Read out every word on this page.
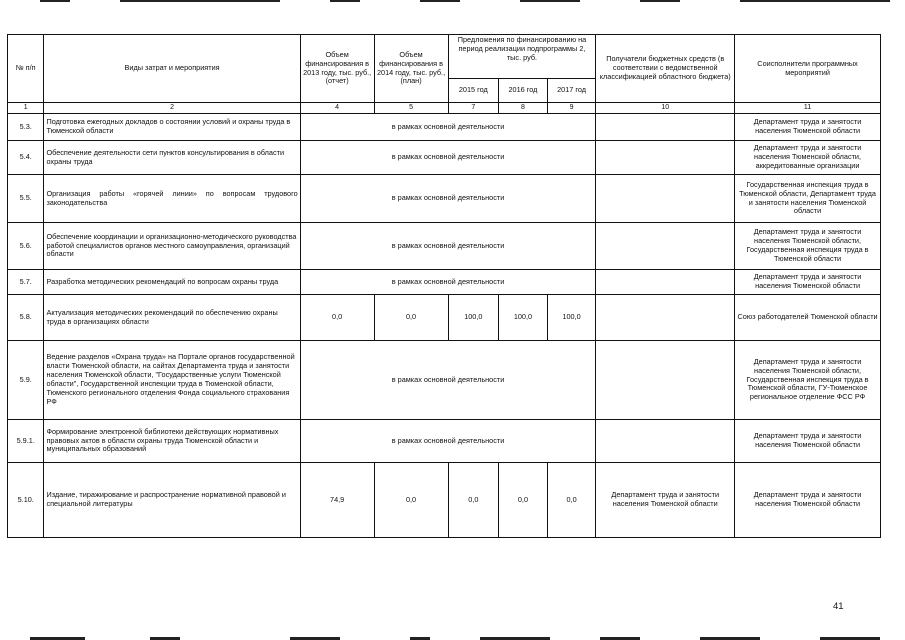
№ п/п	Виды затрат и мероприятия	Объем финансирования в 2013 году, тыс. руб., (отчет)	Объем финансирования в 2014 году, тыс. руб., (план)	Предложения по финансированию на период реализации подпрограммы 2, тыс. руб.			Получатели бюджетных средств (в соответствии с ведомственной классификацией областного бюджета)	Соисполнители программных мероприятий
				2015 год	2016 год	2017 год		
1	2	4	5	7	8	9	10	11
5.3.	Подготовка ежегодных докладов о состоянии условий и охраны труда в Тюменской области	в рамках основной деятельности						Департамент труда и занятости населения Тюменской области
5.4.	Обеспечение деятельности сети пунктов консультирования в области охраны труда	в рамках основной деятельности						Департамент труда и занятости населения Тюменской области, аккредитованные организации
5.5.	Организация работы «горячей линии» по вопросам трудового законодательства	в рамках основной деятельности						Государственная инспекция труда в Тюменской области, Департамент труда и занятости населения Тюменской области
5.6.	Обеспечение координации и организационно-методического руководства работой специалистов органов местного самоуправления, организаций области	в рамках основной деятельности						Департамент труда и занятости населения Тюменской области, Государственная инспекция труда в Тюменской области
5.7.	Разработка методических рекомендаций по вопросам охраны труда	в рамках основной деятельности						Департамент труда и занятости населения Тюменской области
5.8.	Актуализация методических рекомендаций по обеспечению охраны труда в организациях области	0,0	0,0	100,0	100,0	100,0		Союз работодателей Тюменской области
5.9.	Ведение разделов «Охрана труда» на Портале органов государственной власти Тюменской области, на сайтах Департамента труда и занятости населения Тюменской области, "Государственные услуги Тюменской области", Государственной инспекции труда в Тюменской области, Тюменского регионального отделения Фонда социального страхования РФ	в рамках основной деятельности						Департамент труда и занятости населения Тюменской области, Государственная инспекция труда в Тюменской области, ГУ-Тюменское региональное отделение ФСС РФ
5.9.1.	Формирование электронной библиотеки действующих нормативных правовых актов в области охраны труда Тюменской области и муниципальных образований	в рамках основной деятельности						Департамент труда и занятости населения Тюменской области
5.10.	Издание, тиражирование и распространение нормативной правовой и специальной литературы	74,9	0,0	0,0	0,0	0,0	Департамент труда и занятости населения Тюменской области	Департамент труда и занятости населения Тюменской области
41
